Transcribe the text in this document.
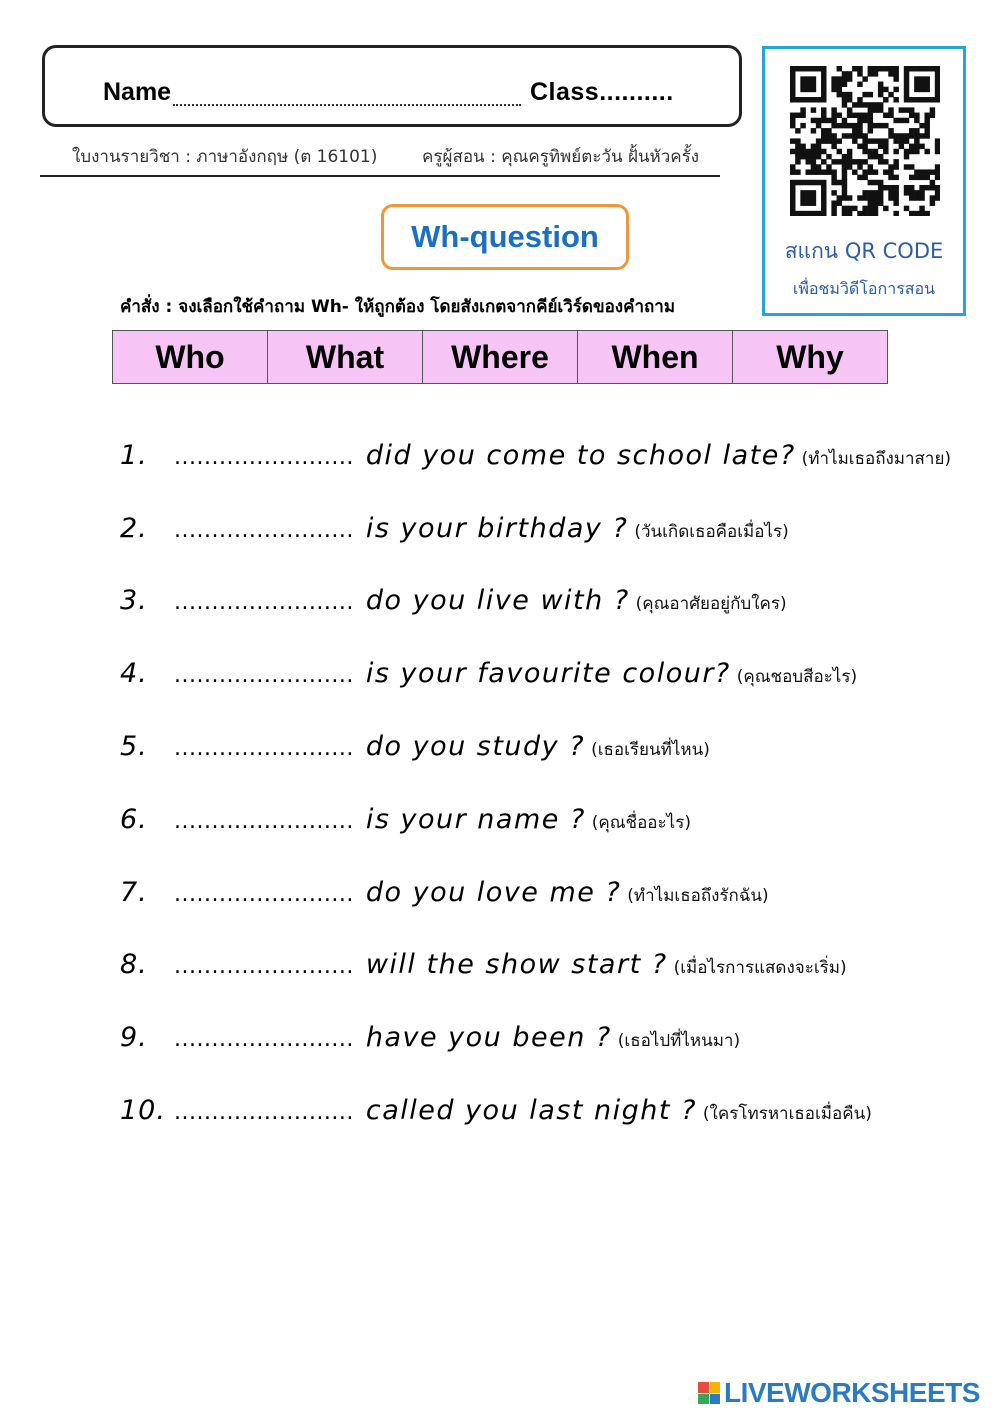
Name	Class..........
ใบงานรายวิชา : ภาษาอังกฤษ (ต 16101)	ครูผู้สอน : คุณครูทิพย์ตะวัน ฝั้นหัวครั้ง
สแกน QR CODE
เพื่อชมวิดีโอการสอน
Wh-question
คำสั่ง : จงเลือกใช้คำถาม Wh- ให้ถูกต้อง โดยสังเกตจากคีย์เวิร์ดของคำถาม
Who	What	Where	When	Why
1. ........................ did you come to school late? (ทำไมเธอถึงมาสาย)
2. ........................ is your birthday ? (วันเกิดเธอคือเมื่อไร)
3. ........................ do you live with ? (คุณอาศัยอยู่กับใคร)
4. ........................ is your favourite colour? (คุณชอบสีอะไร)
5. ........................ do you study ? (เธอเรียนที่ไหน)
6. ........................ is your name ? (คุณชื่ออะไร)
7. ........................ do you love me ? (ทำไมเธอถึงรักฉัน)
8. ........................ will the show start ? (เมื่อไรการแสดงจะเริ่ม)
9. ........................ have you been ? (เธอไปที่ไหนมา)
10. ........................ called you last night ? (ใครโทรหาเธอเมื่อคืน)
LIVEWORKSHEETS
